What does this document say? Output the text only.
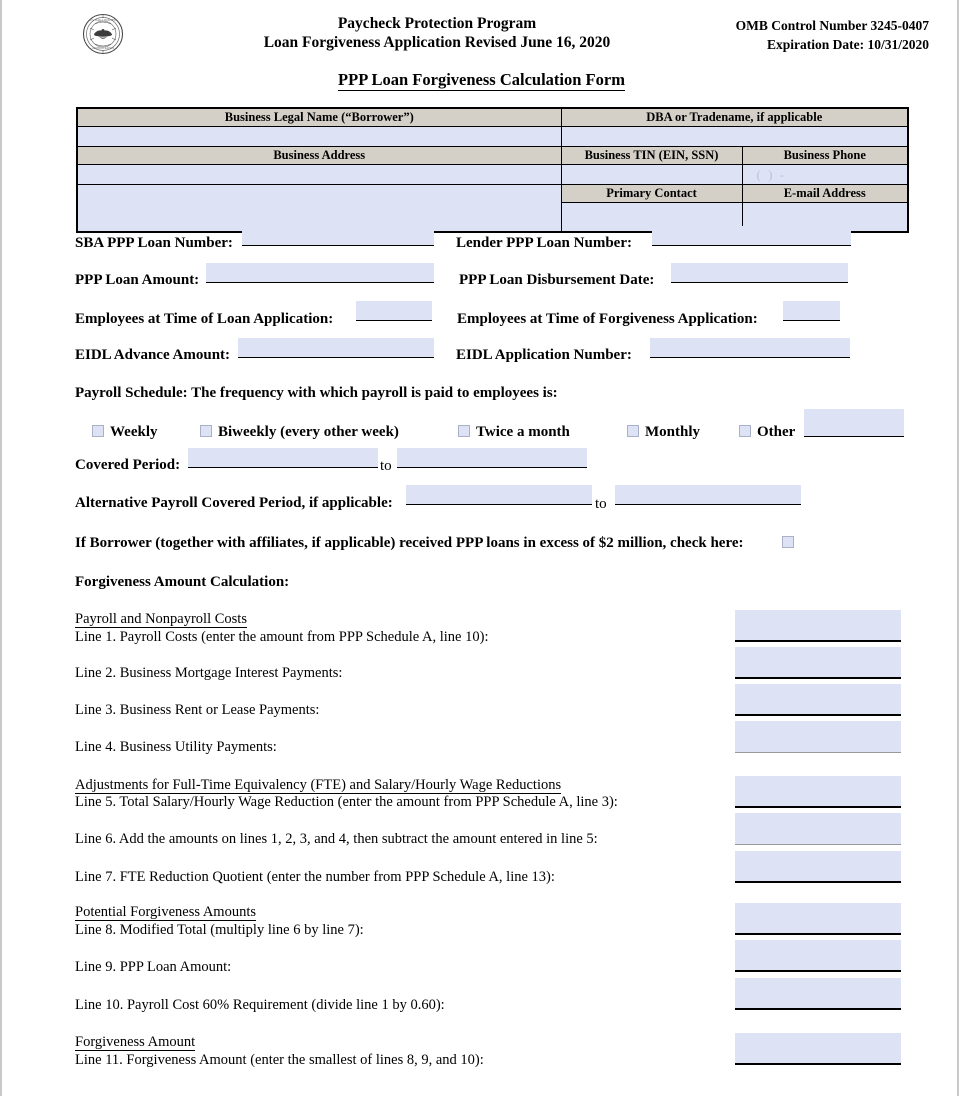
U.S. SMALL BUSINESS
ADMINISTRATION
Paycheck Protection Program
Loan Forgiveness Application Revised June 16, 2020
OMB Control Number 3245-0407
Expiration Date: 10/31/2020
PPP Loan Forgiveness Calculation Form
Business Legal Name (“Borrower”)	DBA or Tradename, if applicable	

Business Address	Business TIN (EIN, SSN)	Business Phone

		( ) -

	Primary Contact	E-mail Address

SBA PPP Loan Number:	Lender PPP Loan Number:
PPP Loan Amount:	PPP Loan Disbursement Date:
Employees at Time of Loan Application:	Employees at Time of Forgiveness Application:
EIDL Advance Amount:	EIDL Application Number:
Payroll Schedule: The frequency with which payroll is paid to employees is:
Weekly	Biweekly (every other week)	Twice a month	Monthly	Other
Covered Period:	to
Alternative Payroll Covered Period, if applicable:	to
If Borrower (together with affiliates, if applicable) received PPP loans in excess of $2 million, check here:
Forgiveness Amount Calculation:
Payroll and Nonpayroll Costs
Line 1. Payroll Costs (enter the amount from PPP Schedule A, line 10):
Line 2. Business Mortgage Interest Payments:
Line 3. Business Rent or Lease Payments:
Line 4. Business Utility Payments:
Adjustments for Full-Time Equivalency (FTE) and Salary/Hourly Wage Reductions
Line 5. Total Salary/Hourly Wage Reduction (enter the amount from PPP Schedule A, line 3):
Line 6. Add the amounts on lines 1, 2, 3, and 4, then subtract the amount entered in line 5:
Line 7. FTE Reduction Quotient (enter the number from PPP Schedule A, line 13):
Potential Forgiveness Amounts
Line 8. Modified Total (multiply line 6 by line 7):
Line 9. PPP Loan Amount:
Line 10. Payroll Cost 60% Requirement (divide line 1 by 0.60):
Forgiveness Amount
Line 11. Forgiveness Amount (enter the smallest of lines 8, 9, and 10):
